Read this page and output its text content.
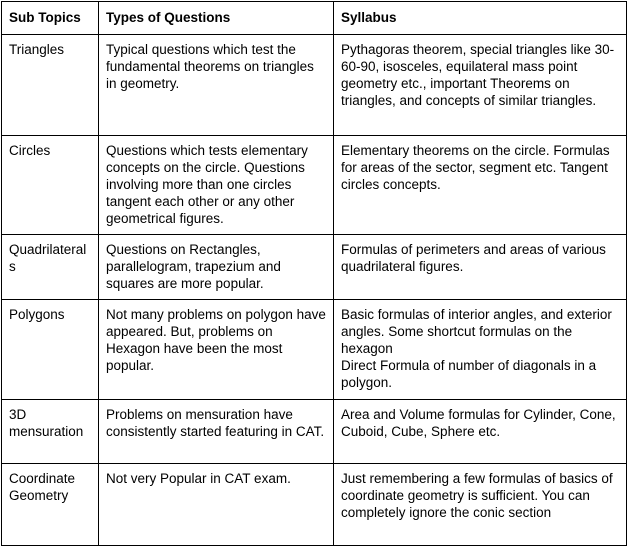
Sub Topics	Types of Questions	Syllabus

Triangles	Typical questions which test the fundamental theorems on triangles in geometry.	Pythagoras theorem, special triangles like 30-60-90, isosceles, equilateral mass point geometry etc., important Theorems on triangles, and concepts of similar triangles.

Circles	Questions which tests elementary concepts on the circle. Questions involving more than one circles tangent each other or any other geometrical figures.	Elementary theorems on the circle. Formulas for areas of the sector, segment etc. Tangent circles concepts.

Quadrilaterals	Questions on Rectangles, parallelogram, trapezium and squares are more popular.	Formulas of perimeters and areas of various quadrilateral figures.

Polygons	Not many problems on polygon have appeared. But, problems on Hexagon have been the most popular.	Basic formulas of interior angles, and exterior angles. Some shortcut formulas on the hexagon
Direct Formula of number of diagonals in a polygon.

3D
mensuration	Problems on mensuration have consistently started featuring in CAT.	Area and Volume formulas for Cylinder, Cone, Cuboid, Cube, Sphere etc.

Coordinate
Geometry	Not very Popular in CAT exam.	Just remembering a few formulas of basics of coordinate geometry is sufficient. You can completely ignore the conic section
